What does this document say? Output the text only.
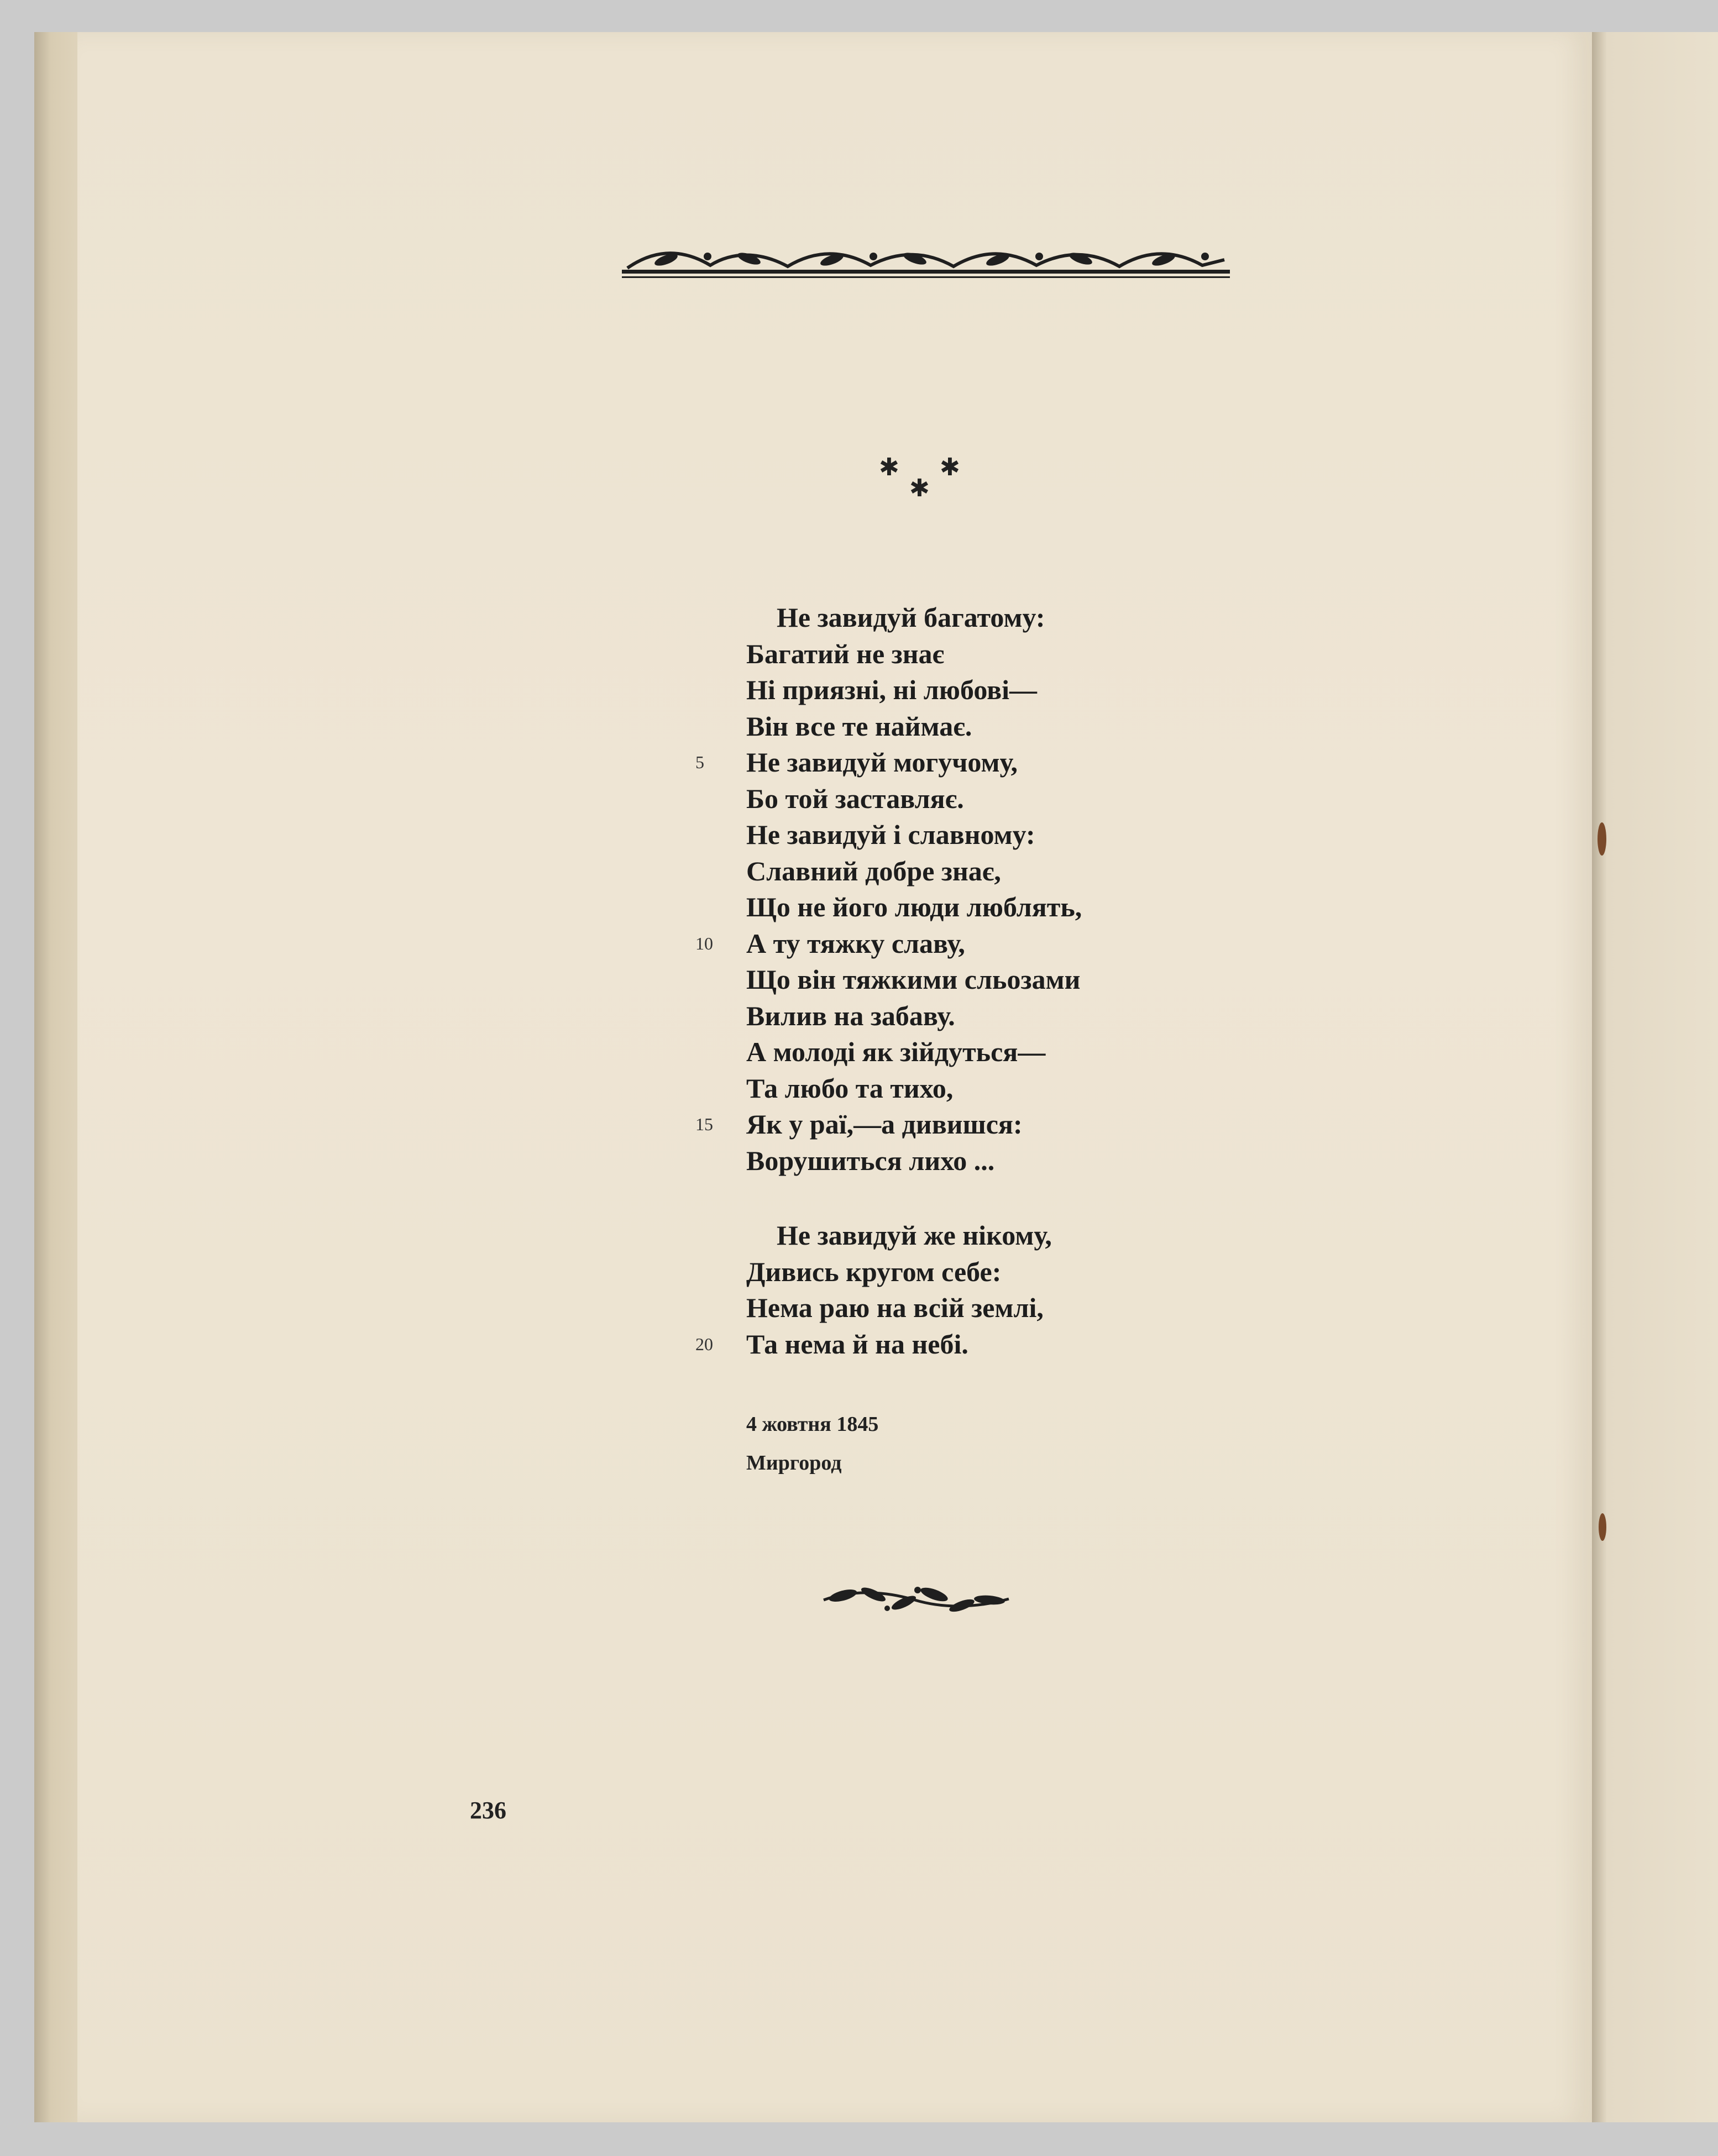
✱ ✱
✱
Не завидуй багатому:
Багатий не знає
Ні приязні, ні любові—
Він все те наймає.
5 Не завидуй могучому,
Бо той заставляє.
Не завидуй і славному:
Славний добре знає,
Що не його люди люблять,
10 А ту тяжку славу,
Що він тяжкими сльозами
Вилив на забаву.
А молоді як зійдуться—
Та любо та тихо,
15 Як у раї,—а дивишся:
Ворушиться лихо ...
Не завидуй же нікому,
Дивись кругом себе:
Нема раю на всій землі,
20 Та нема й на небі.
4 жовтня 1845
Миргород
236
